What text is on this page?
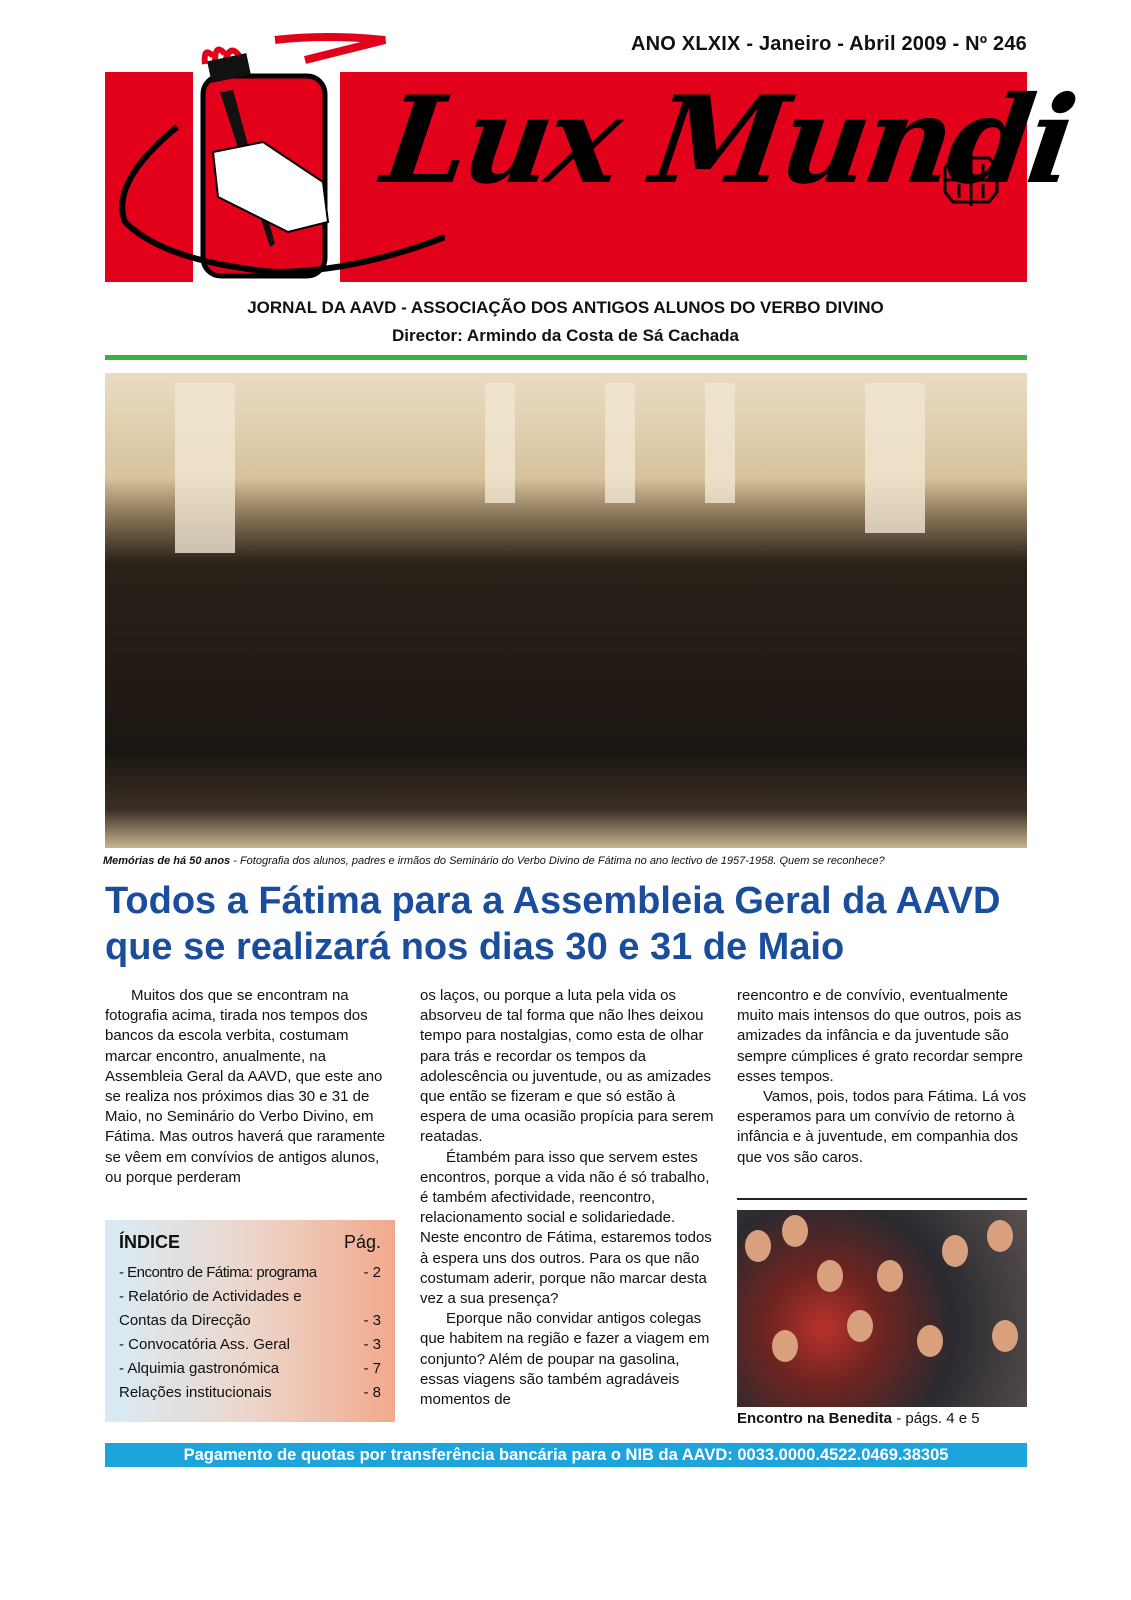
ANO XLXIX - Janeiro - Abril 2009 - Nº 246
Lux Mundi
JORNAL DA AAVD - ASSOCIAÇÃO DOS ANTIGOS ALUNOS DO VERBO DIVINO
Director: Armindo da Costa de Sá Cachada
Memórias de há 50 anos - Fotografia dos alunos, padres e irmãos do Seminário do Verbo Divino de Fátima no ano lectivo de 1957-1958. Quem se reconhece?
Todos a Fátima para a Assembleia Geral da AAVD que se realizará nos dias 30 e 31 de Maio

Muitos dos que se encontram na fotografia acima, tirada nos tempos dos bancos da escola verbita, costumam marcar encontro, anualmente, na Assembleia Geral da AAVD, que este ano se realiza nos próximos dias 30 e 31 de Maio, no Seminário do Verbo Divino, em Fátima. Mas outros haverá que raramente se vêem em convívios de antigos alunos, ou porque perderam

os laços, ou porque a luta pela vida os absorveu de tal forma que não lhes deixou tempo para nostalgias, como esta de olhar para trás e recordar os tempos da adolescência ou juventude, ou as amizades que então se fizeram e que só estão à espera de uma ocasião propícia para serem reatadas.

Étambém para isso que servem estes encontros, porque a vida não é só trabalho, é também afectividade, reencontro, relacionamento social e solidariedade. Neste encontro de Fátima, estaremos todos à espera uns dos outros. Para os que não costumam aderir, porque não marcar desta vez a sua presença?

Eporque não convidar antigos colegas que habitem na região e fazer a viagem em conjunto? Além de poupar na gasolina, essas viagens são também agradáveis momentos de

reencontro e de convívio, eventualmente muito mais intensos do que outros, pois as amizades da infância e da juventude são sempre cúmplices é grato recordar sempre esses tempos.

Vamos, pois, todos para Fátima. Lá vos esperamos para um convívio de retorno à infância e à juventude, em companhia dos que vos são caros.

ÍNDICE	Pág.
- Encontro de Fátima: programa	- 2
- Relatório de Actividades e
Contas da Direcção	- 3
- Convocatória Ass. Geral	- 3
- Alquimia gastronómica	- 7
Relações institucionais	- 8
Encontro na Benedita - págs. 4 e 5
Pagamento de quotas por transferência bancária para o NIB da AAVD: 0033.0000.4522.0469.38305
